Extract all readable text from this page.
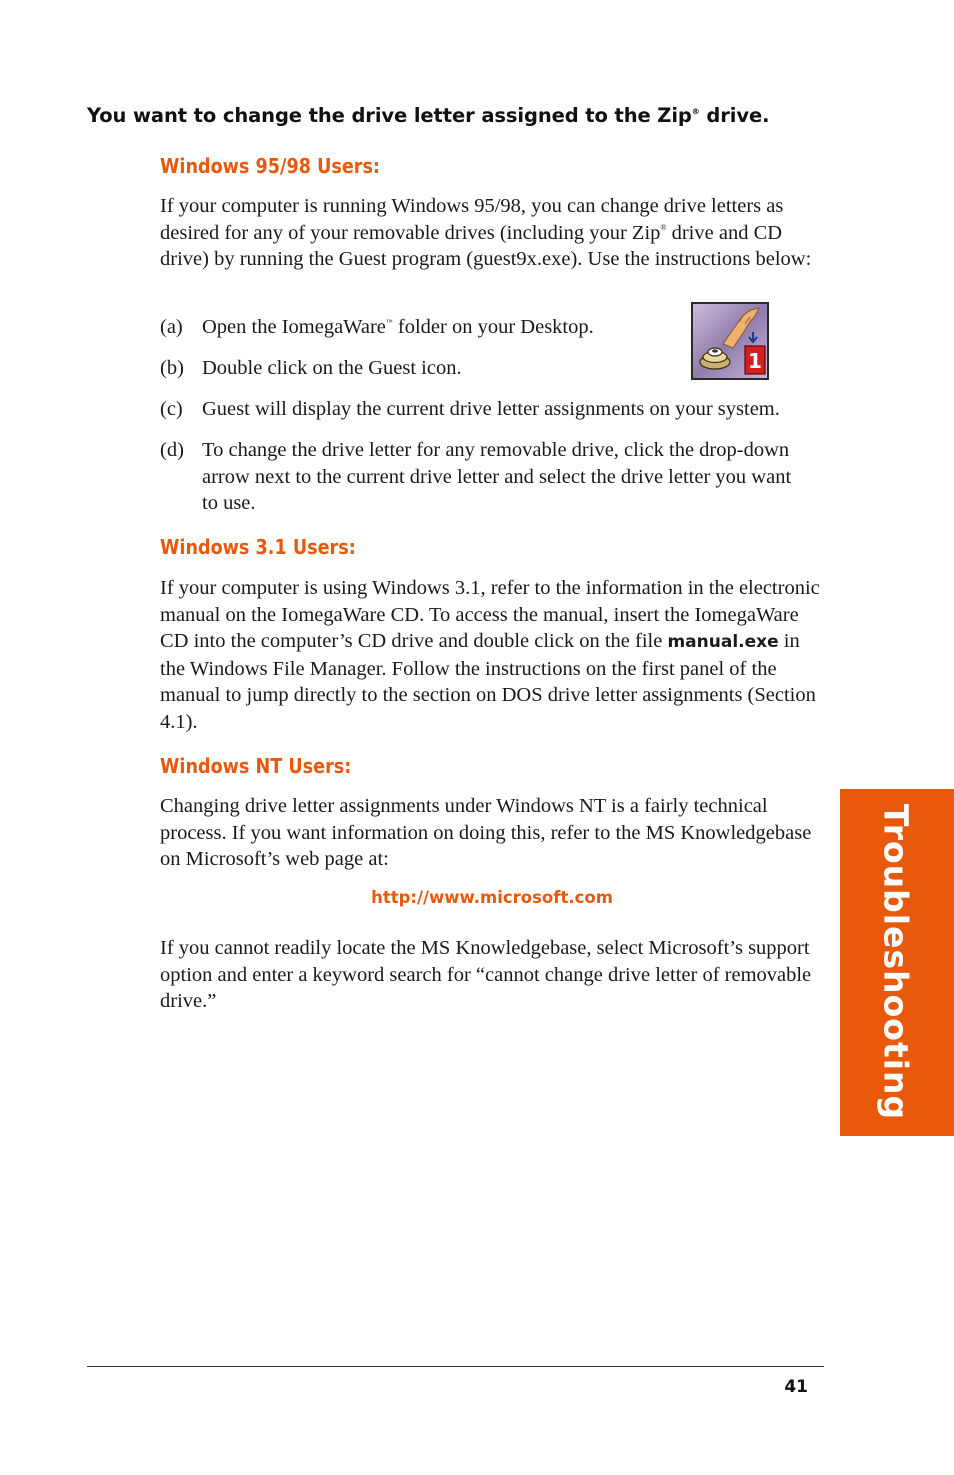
You want to change the drive letter assigned to the Zip® drive.
Windows 95/98 Users:
If your computer is running Windows 95/98, you can change drive letters as desired for any of your removable drives (including your Zip® drive and CD drive) by running the Guest program (guest9x.exe). Use the instructions below:
(a) Open the IomegaWare™ folder on your Desktop.
1
(b) Double click on the Guest icon.
(c) Guest will display the current drive letter assignments on your system.
(d) To change the drive letter for any removable drive, click the drop-down arrow next to the current drive letter and select the drive letter you want to use.
Windows 3.1 Users:
If your computer is using Windows 3.1, refer to the information in the electronic manual on the IomegaWare CD. To access the manual, insert the IomegaWare CD into the computer’s CD drive and double click on the file manual.exe in the Windows File Manager. Follow the instructions on the first panel of the manual to jump directly to the section on DOS drive letter assignments (Section 4.1).
Windows NT Users:
Changing drive letter assignments under Windows NT is a fairly technical process. If you want information on doing this, refer to the MS Knowledgebase on Microsoft’s web page at:
http://www.microsoft.com
If you cannot readily locate the MS Knowledgebase, select Microsoft’s support option and enter a keyword search for “cannot change drive letter of removable drive.”	Troubleshooting
41
